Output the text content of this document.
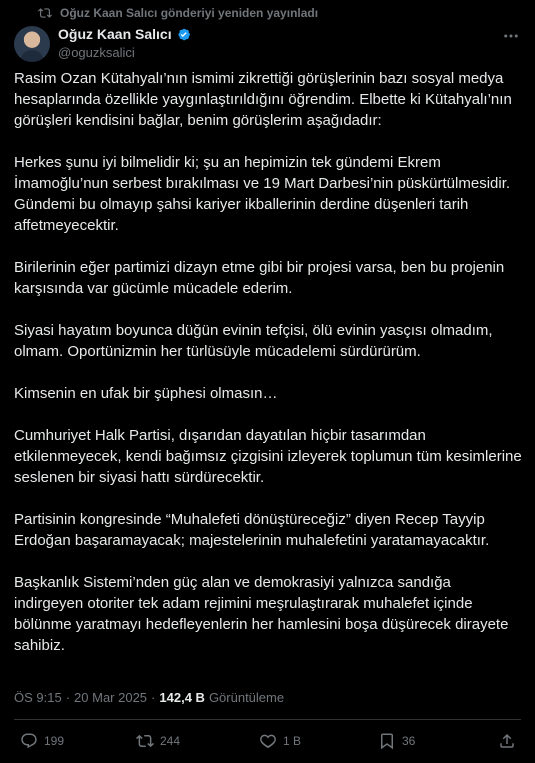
Oğuz Kaan Salıcı gönderiyi yeniden yayınladı
Oğuz Kaan Salıcı
@oguzksalici

Rasim Ozan Kütahyalı’nın ismimi zikrettiği görüşlerinin bazı sosyal medya hesaplarında özellikle yaygınlaştırıldığını öğrendim. Elbette ki Kütahyalı’nın görüşleri kendisini bağlar, benim görüşlerim aşağıdadır:

Herkes şunu iyi bilmelidir ki; şu an hepimizin tek gündemi Ekrem İmamoğlu’nun serbest bırakılması ve 19 Mart Darbesi’nin püskürtülmesidir. Gündemi bu olmayıp şahsi kariyer ikballerinin derdine düşenleri tarih affetmeyecektir.

Birilerinin eğer partimizi dizayn etme gibi bir projesi varsa, ben bu projenin karşısında var gücümle mücadele ederim.

Siyasi hayatım boyunca düğün evinin tefçisi, ölü evinin yasçısı olmadım, olmam. Oportünizmin her türlüsüyle mücadelemi sürdürürüm.

Kimsenin en ufak bir şüphesi olmasın…

Cumhuriyet Halk Partisi, dışarıdan dayatılan hiçbir tasarımdan etkilenmeyecek, kendi bağımsız çizgisini izleyerek toplumun tüm kesimlerine seslenen bir siyasi hattı sürdürecektir.

Partisinin kongresinde “Muhalefeti dönüştüreceğiz” diyen Recep Tayyip Erdoğan başaramayacak; majestelerinin muhalefetini yaratamayacaktır.

Başkanlık Sistemi’nden güç alan ve demokrasiyi yalnızca sandığa indirgeyen otoriter tek adam rejimini meşrulaştırarak muhalefet içinde bölünme yaratmayı hedefleyenlerin her hamlesini boşa düşürecek dirayete sahibiz.

ÖS 9:15 · 20 Mar 2025 · 142,4 B Görüntüleme
199	244	1 B	36
